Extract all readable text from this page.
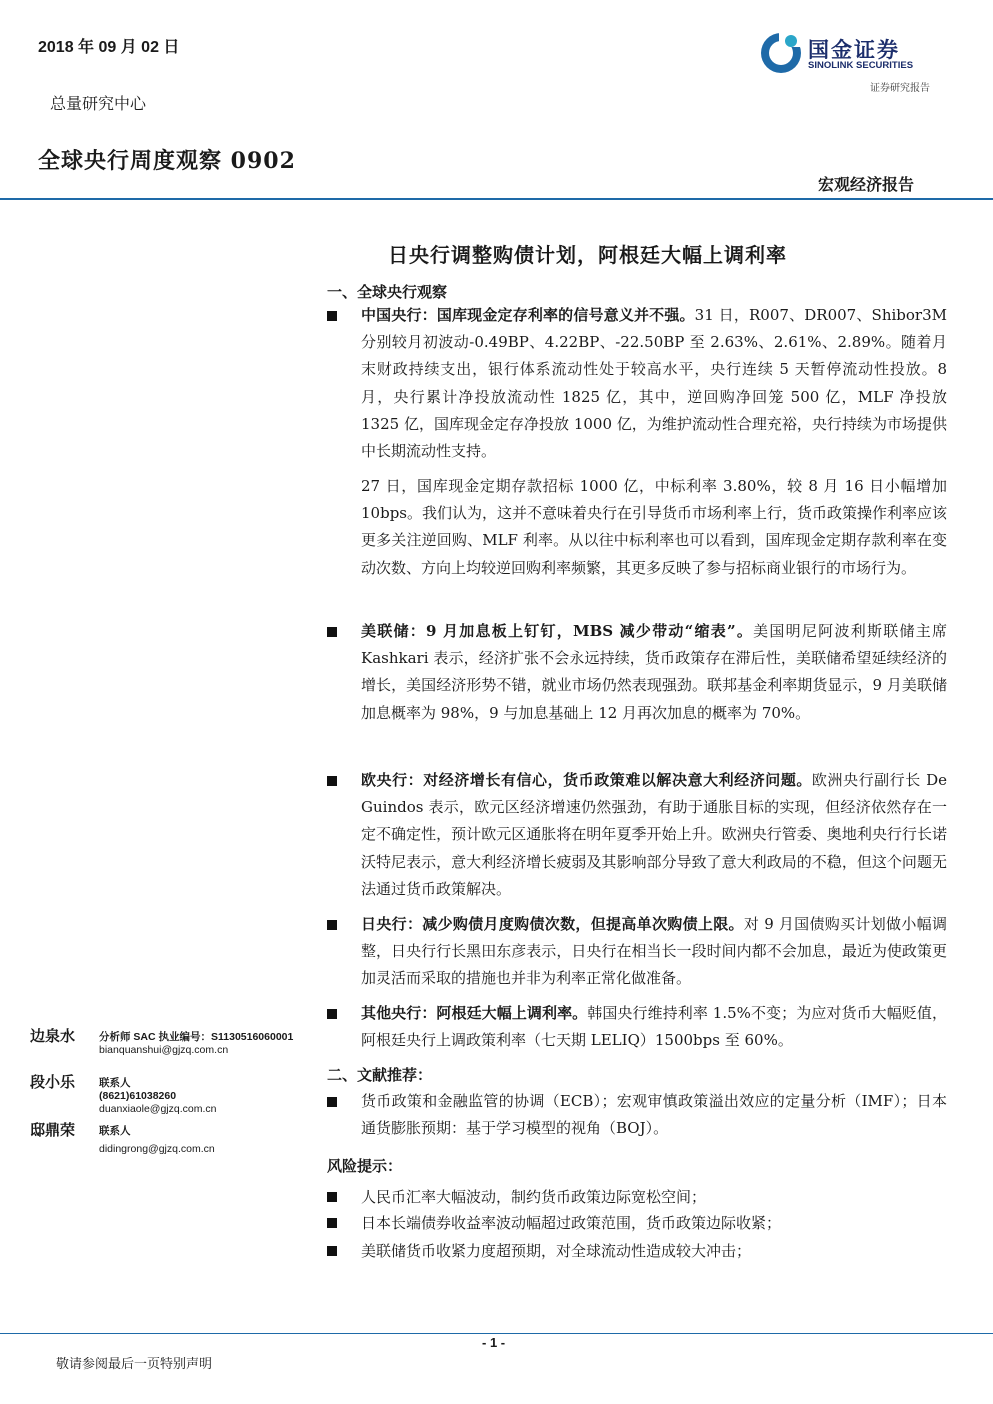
2018 年 09 月 02 日
总量研究中心
全球央行周度观察 0902
国金证券
SINOLINK SECURITIES
证券研究报告
宏观经济报告
日央行调整购债计划，阿根廷大幅上调利率
一、全球央行观察

中国央行：国库现金定存利率的信号意义并不强。31 日，R007、DR007、Shibor3M 分别较月初波动-0.49BP、4.22BP、-22.50BP 至 2.63%、2.61%、2.89%。随着月末财政持续支出，银行体系流动性处于较高水平，央行连续 5 天暂停流动性投放。8 月，央行累计净投放流动性 1825 亿，其中，逆回购净回笼 500 亿，MLF 净投放 1325 亿，国库现金定存净投放 1000 亿，为维护流动性合理充裕，央行持续为市场提供中长期流动性支持。

27 日，国库现金定期存款招标 1000 亿，中标利率 3.80%，较 8 月 16 日小幅增加 10bps。我们认为，这并不意味着央行在引导货币市场利率上行，货币政策操作利率应该更多关注逆回购、MLF 利率。从以往中标利率也可以看到，国库现金定期存款利率在变动次数、方向上均较逆回购利率频繁，其更多反映了参与招标商业银行的市场行为。

美联储：9 月加息板上钉钉，MBS 减少带动“缩表”。美国明尼阿波利斯联储主席 Kashkari 表示，经济扩张不会永远持续，货币政策存在滞后性，美联储希望延续经济的增长，美国经济形势不错，就业市场仍然表现强劲。联邦基金利率期货显示，9 月美联储加息概率为 98%，9 与加息基础上 12 月再次加息的概率为 70%。

欧央行：对经济增长有信心，货币政策难以解决意大利经济问题。欧洲央行副行长 De Guindos 表示，欧元区经济增速仍然强劲，有助于通胀目标的实现，但经济依然存在一定不确定性，预计欧元区通胀将在明年夏季开始上升。欧洲央行管委、奥地利央行行长诺沃特尼表示，意大利经济增长疲弱及其影响部分导致了意大利政局的不稳，但这个问题无法通过货币政策解决。

日央行：减少购债月度购债次数，但提高单次购债上限。对 9 月国债购买计划做小幅调整，日央行行长黑田东彦表示，日央行在相当长一段时间内都不会加息，最近为使政策更加灵活而采取的措施也并非为利率正常化做准备。

其他央行：阿根廷大幅上调利率。韩国央行维持利率 1.5%不变；为应对货币大幅贬值，阿根廷央行上调政策利率（七天期 LELIQ）1500bps 至 60%。

二、文献推荐：

货币政策和金融监管的协调（ECB）；宏观审慎政策溢出效应的定量分析（IMF）；日本通货膨胀预期：基于学习模型的视角（BOJ）。

风险提示：
人民币汇率大幅波动，制约货币政策边际宽松空间；
日本长端债券收益率波动幅超过政策范围，货币政策边际收紧；
美联储货币收紧力度超预期，对全球流动性造成较大冲击；
边泉水 分析师 SAC 执业编号：S1130516060001
bianquanshui@gjzq.com.cn
段小乐 联系人
(8621)61038260
duanxiaole@gjzq.com.cn
邸鼎荣 联系人
didingrong@gjzq.com.cn
- 1 -
敬请参阅最后一页特别声明
